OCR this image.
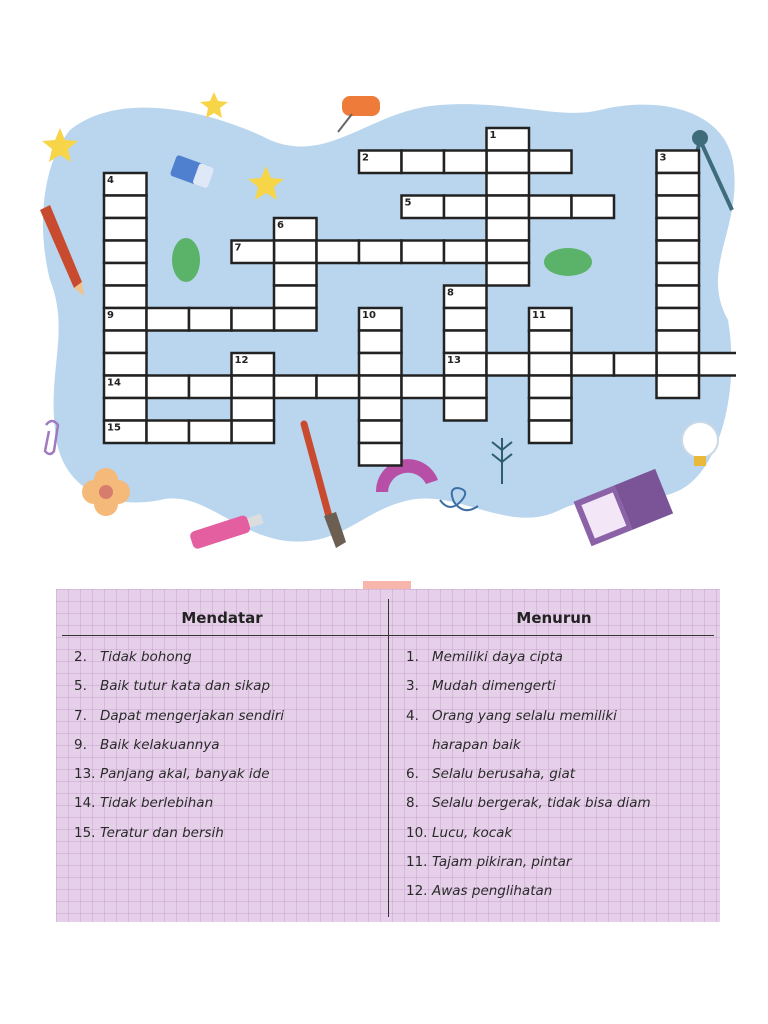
1
2	3
4
5
6
7
8
9	10	11
12	13
14
15
Mendatar	Menurun
2. Tidak bohong
5. Baik tutur kata dan sikap
7. Dapat mengerjakan sendiri
9. Baik kelakuannya
13. Panjang akal, banyak ide
14. Tidak berlebihan
15. Teratur dan bersih
1. Memiliki daya cipta
3. Mudah dimengerti
4. Orang yang selalu memiliki
harapan baik
6. Selalu berusaha, giat
8. Selalu bergerak, tidak bisa diam
10. Lucu, kocak
11. Tajam pikiran, pintar
12. Awas penglihatan
